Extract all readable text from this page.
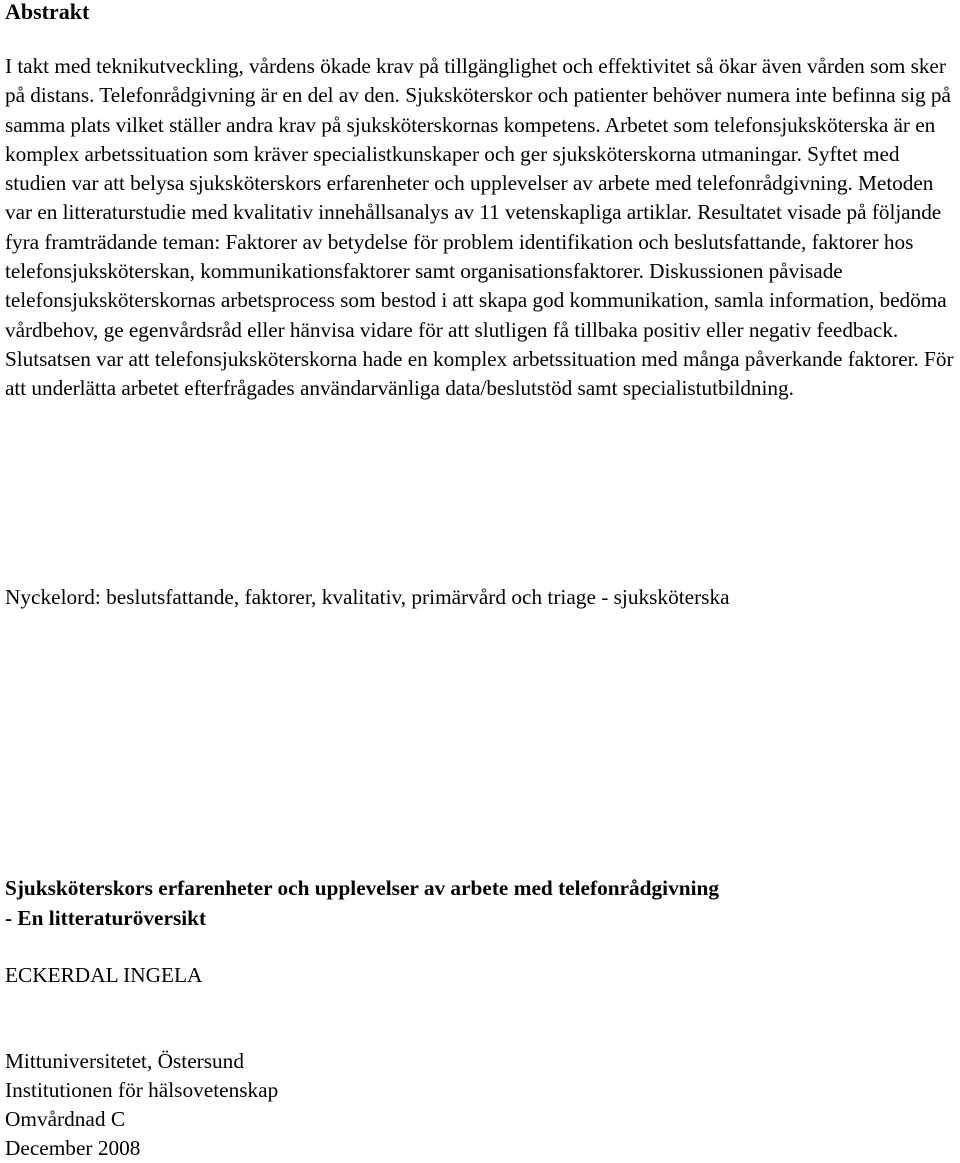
Abstrakt

I takt med teknikutveckling, vårdens ökade krav på tillgänglighet och effektivitet så ökar även vården som sker på distans. Telefonrådgivning är en del av den. Sjuksköterskor och patienter behöver numera inte befinna sig på samma plats vilket ställer andra krav på sjuksköterskornas kompetens. Arbetet som telefonsjuksköterska är en komplex arbetssituation som kräver specialistkunskaper och ger sjuksköterskorna utmaningar. Syftet med studien var att belysa sjuksköterskors erfarenheter och upplevelser av arbete med telefonrådgivning. Metoden var en litteraturstudie med kvalitativ innehållsanalys av 11 vetenskapliga artiklar. Resultatet visade på följande fyra framträdande teman: Faktorer av betydelse för problem identifikation och beslutsfattande, faktorer hos telefonsjuksköterskan, kommunikationsfaktorer samt organisationsfaktorer. Diskussionen påvisade telefonsjuksköterskornas arbetsprocess som bestod i att skapa god kommunikation, samla information, bedöma vårdbehov, ge egenvårdsråd eller hänvisa vidare för att slutligen få tillbaka positiv eller negativ feedback. Slutsatsen var att telefonsjuksköterskorna hade en komplex arbetssituation med många påverkande faktorer. För att underlätta arbetet efterfrågades användarvänliga data/beslutstöd samt specialistutbildning.

Nyckelord: beslutsfattande, faktorer, kvalitativ, primärvård och triage - sjuksköterska

Sjuksköterskors erfarenheter och upplevelser av arbete med telefonrådgivning
- En litteraturöversikt
ECKERDAL INGELA
Mittuniversitetet, Östersund
Institutionen för hälsovetenskap
Omvårdnad C
December 2008
